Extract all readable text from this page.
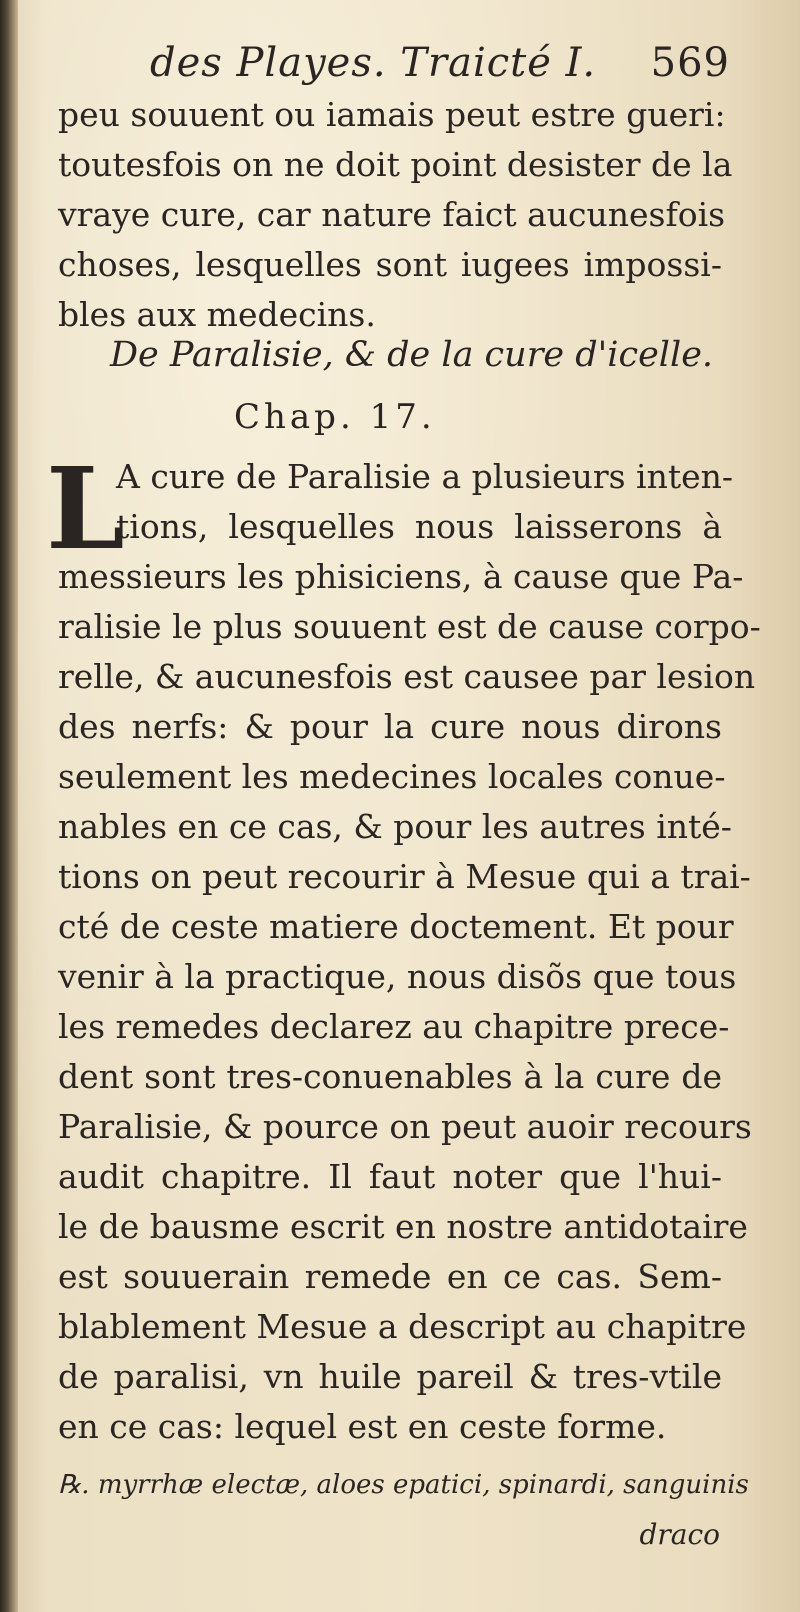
des Playes. Traicté I. 569
peu souuent ou iamais peut estre gueri:
toutesfois on ne doit point desister de la
vraye cure, car nature faict aucunesfois
choses, lesquelles sont iugees impossi-
bles aux medecins.
De Paralisie, & de la cure d'icelle.
Chap. 17.
L
A cure de Paralisie a plusieurs inten-
tions, lesquelles nous laisserons à
messieurs les phisiciens, à cause que Pa-
ralisie le plus souuent est de cause corpo-
relle, & aucunesfois est causee par lesion
des nerfs: & pour la cure nous dirons
seulement les medecines locales conue-
nables en ce cas, & pour les autres inté-
tions on peut recourir à Mesue qui a trai-
cté de ceste matiere doctement. Et pour
venir à la practique, nous disõs que tous
les remedes declarez au chapitre prece-
dent sont tres-conuenables à la cure de
Paralisie, & pource on peut auoir recours
audit chapitre. Il faut noter que l'hui-
le de bausme escrit en nostre antidotaire
est souuerain remede en ce cas. Sem-
blablement Mesue a descript au chapitre
de paralisi, vn huile pareil & tres-vtile
en ce cas: lequel est en ceste forme.
℞. myrrhæ electæ, aloes epatici, spinardi, sanguinis
draco
